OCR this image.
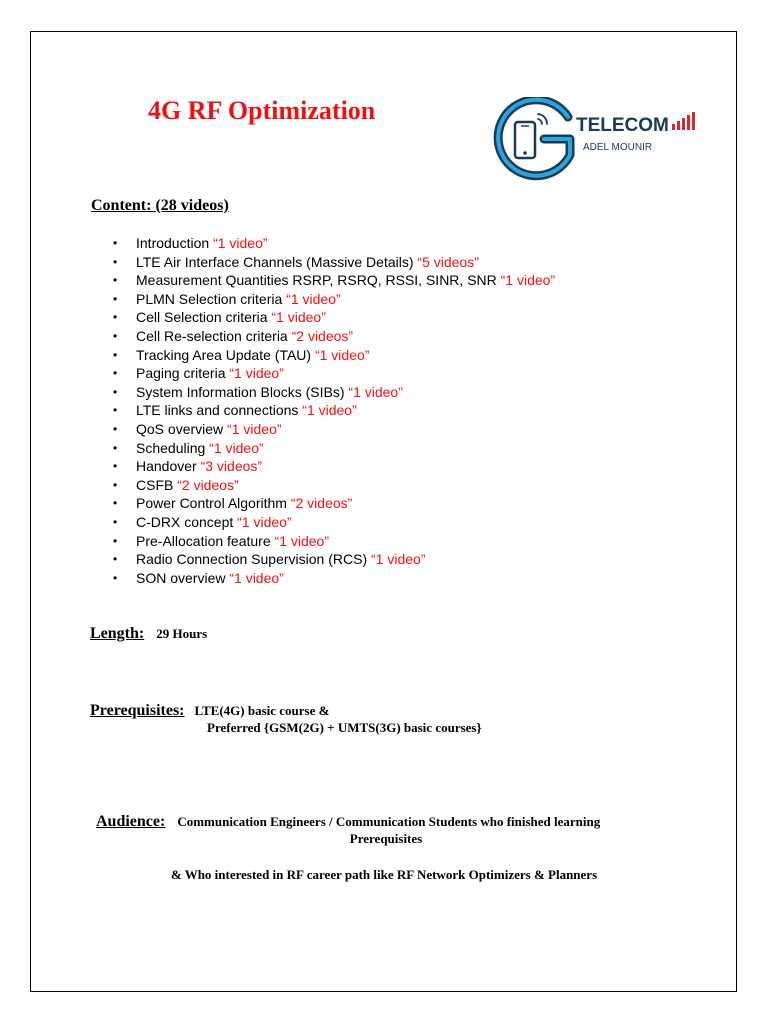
4G RF Optimization
TELECOM
ADEL MOUNIR
Content: (28 videos)
• Introduction “1 video”
• LTE Air Interface Channels (Massive Details) “5 videos”
• Measurement Quantities RSRP, RSRQ, RSSI, SINR, SNR “1 video”
• PLMN Selection criteria “1 video”
• Cell Selection criteria “1 video”
• Cell Re-selection criteria “2 videos”
• Tracking Area Update (TAU) “1 video”
• Paging criteria “1 video”
• System Information Blocks (SIBs) “1 video”
• LTE links and connections “1 video”
• QoS overview “1 video”
• Scheduling “1 video”
• Handover “3 videos”
• CSFB “2 videos”
• Power Control Algorithm “2 videos”
• C-DRX concept “1 video”
• Pre-Allocation feature “1 video”
• Radio Connection Supervision (RCS) “1 video”
• SON overview “1 video”
Length: 29 Hours
Prerequisites: LTE(4G) basic course &
Preferred {GSM(2G) + UMTS(3G) basic courses}
Audience: Communication Engineers / Communication Students who finished learning
Prerequisites
& Who interested in RF career path like RF Network Optimizers & Planners
